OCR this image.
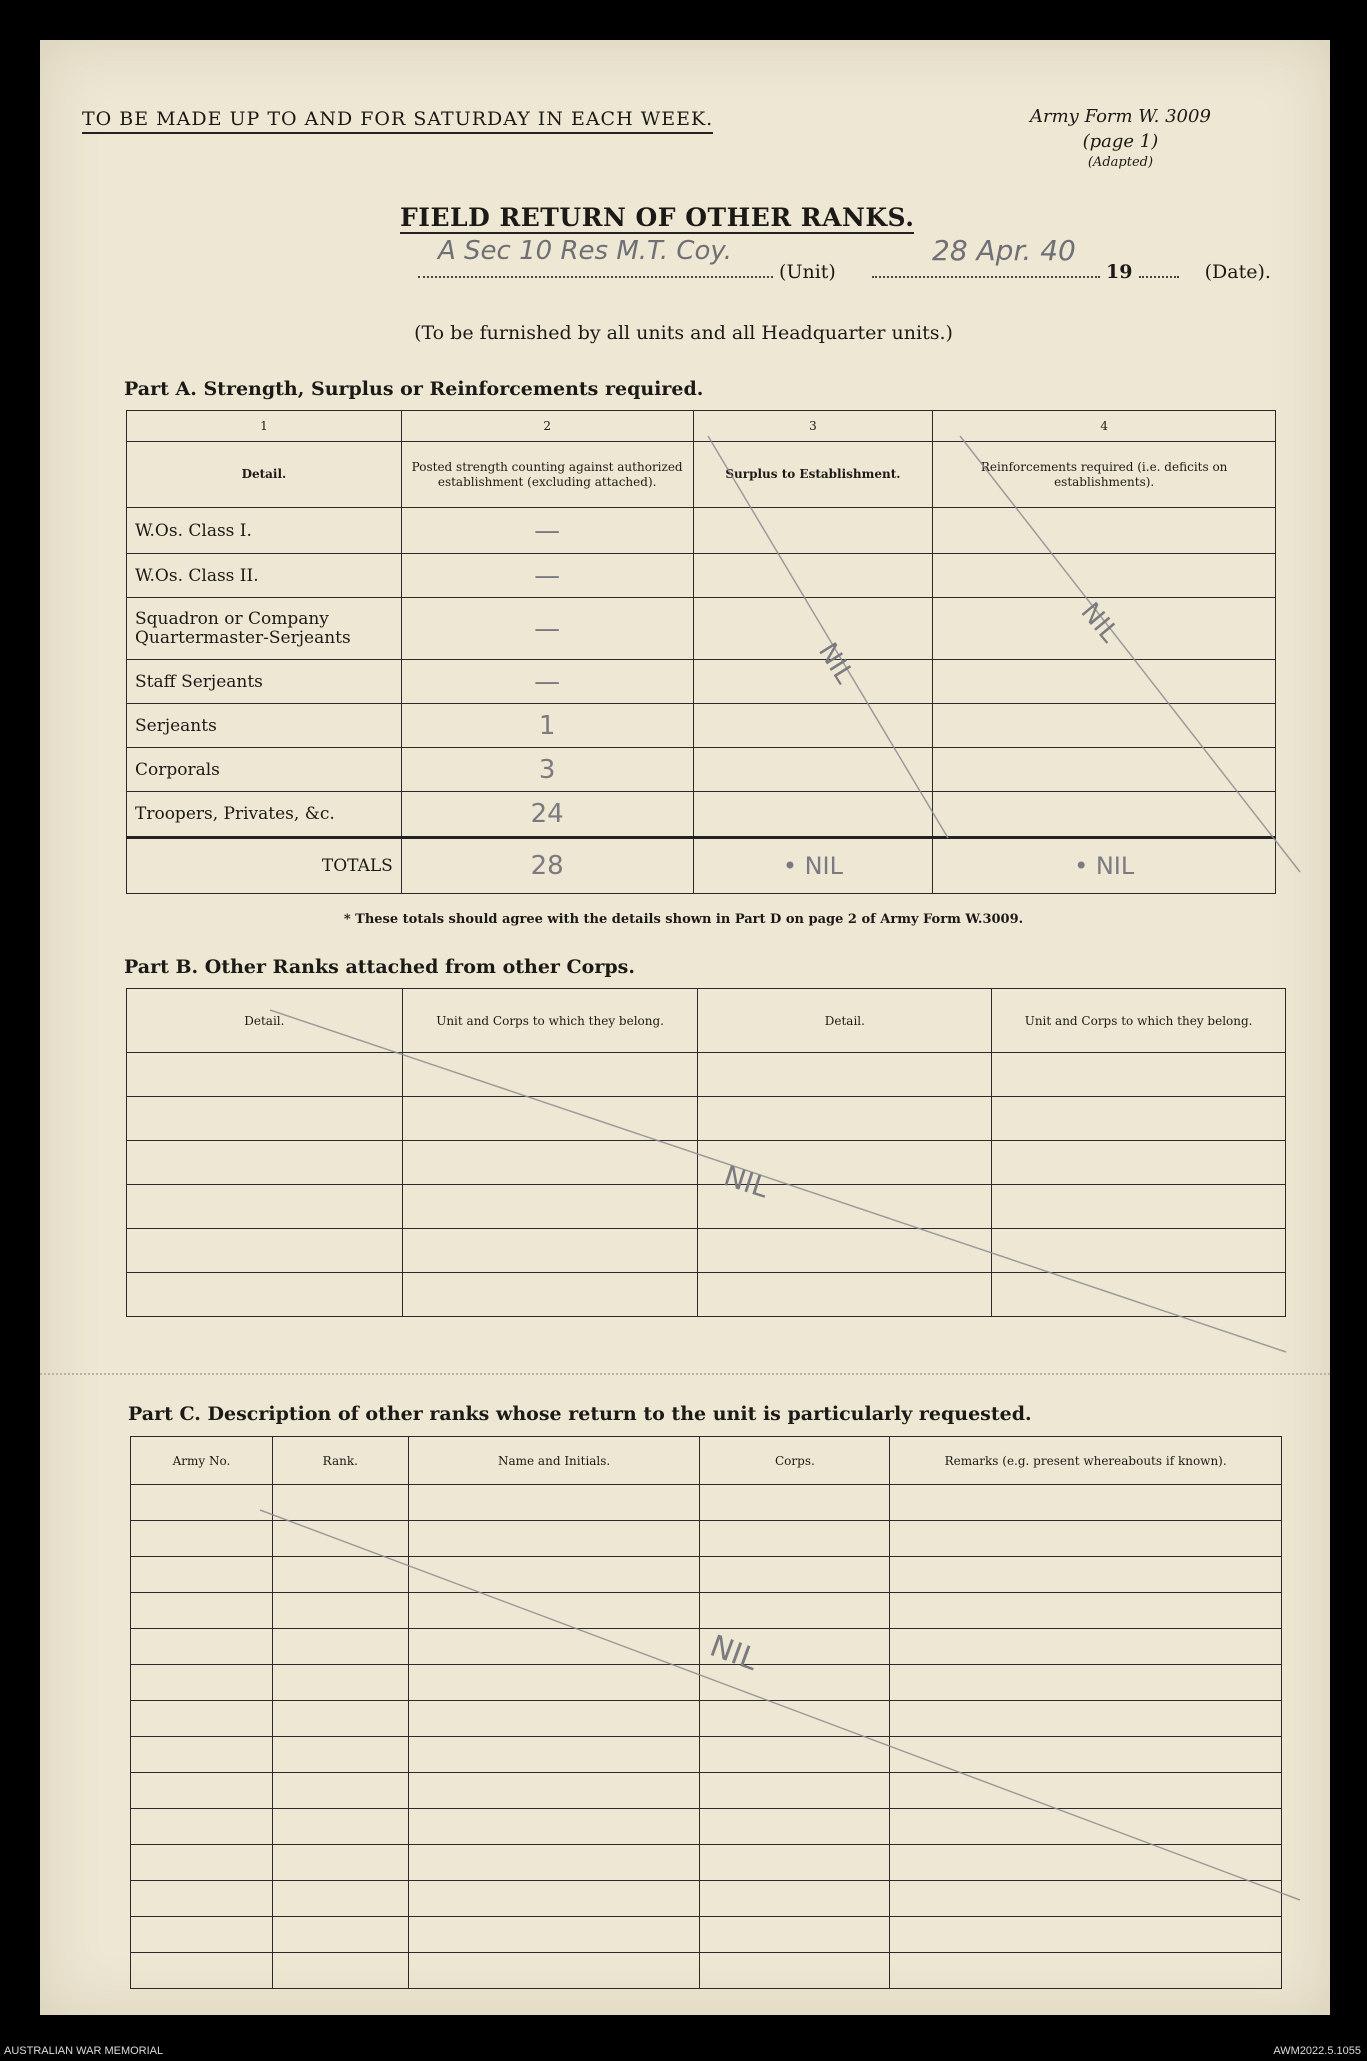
TO BE MADE UP TO AND FOR SATURDAY IN EACH WEEK.	Army Form W. 3009
(page 1)
(Adapted)
FIELD RETURN OF OTHER RANKS.
A Sec 10 Res M.T. Coy.
(Unit)
28 Apr. 40
19	(Date).
(To be furnished by all units and all Headquarter units.)
Part A. Strength, Surplus or Reinforcements required.
1	2	3	4
Detail.	Posted strength counting against authorized establishment (excluding attached).	Surplus to Establishment.	Reinforcements required (i.e. deficits on establishments).
W.Os. Class I.	—		
W.Os. Class II.	—		
Squadron or Company Quartermaster-Serjeants	—		
Staff Serjeants	—		
Serjeants	1		
Corporals	3		
Troopers, Privates, &c.	24		
TOTALS	28	• NIL	• NIL
* These totals should agree with the details shown in Part D on page 2 of Army Form W.3009.
Part B. Other Ranks attached from other Corps.
Detail.	Unit and Corps to which they belong.	Detail.	Unit and Corps to which they belong.

Part C. Description of other ranks whose return to the unit is particularly requested.
Army No.	Rank.	Name and Initials.	Corps.	Remarks (e.g. present whereabouts if known).

NIL
NIL
NIL
NIL
AUSTRALIAN WAR MEMORIAL	AWM2022.5.1055
